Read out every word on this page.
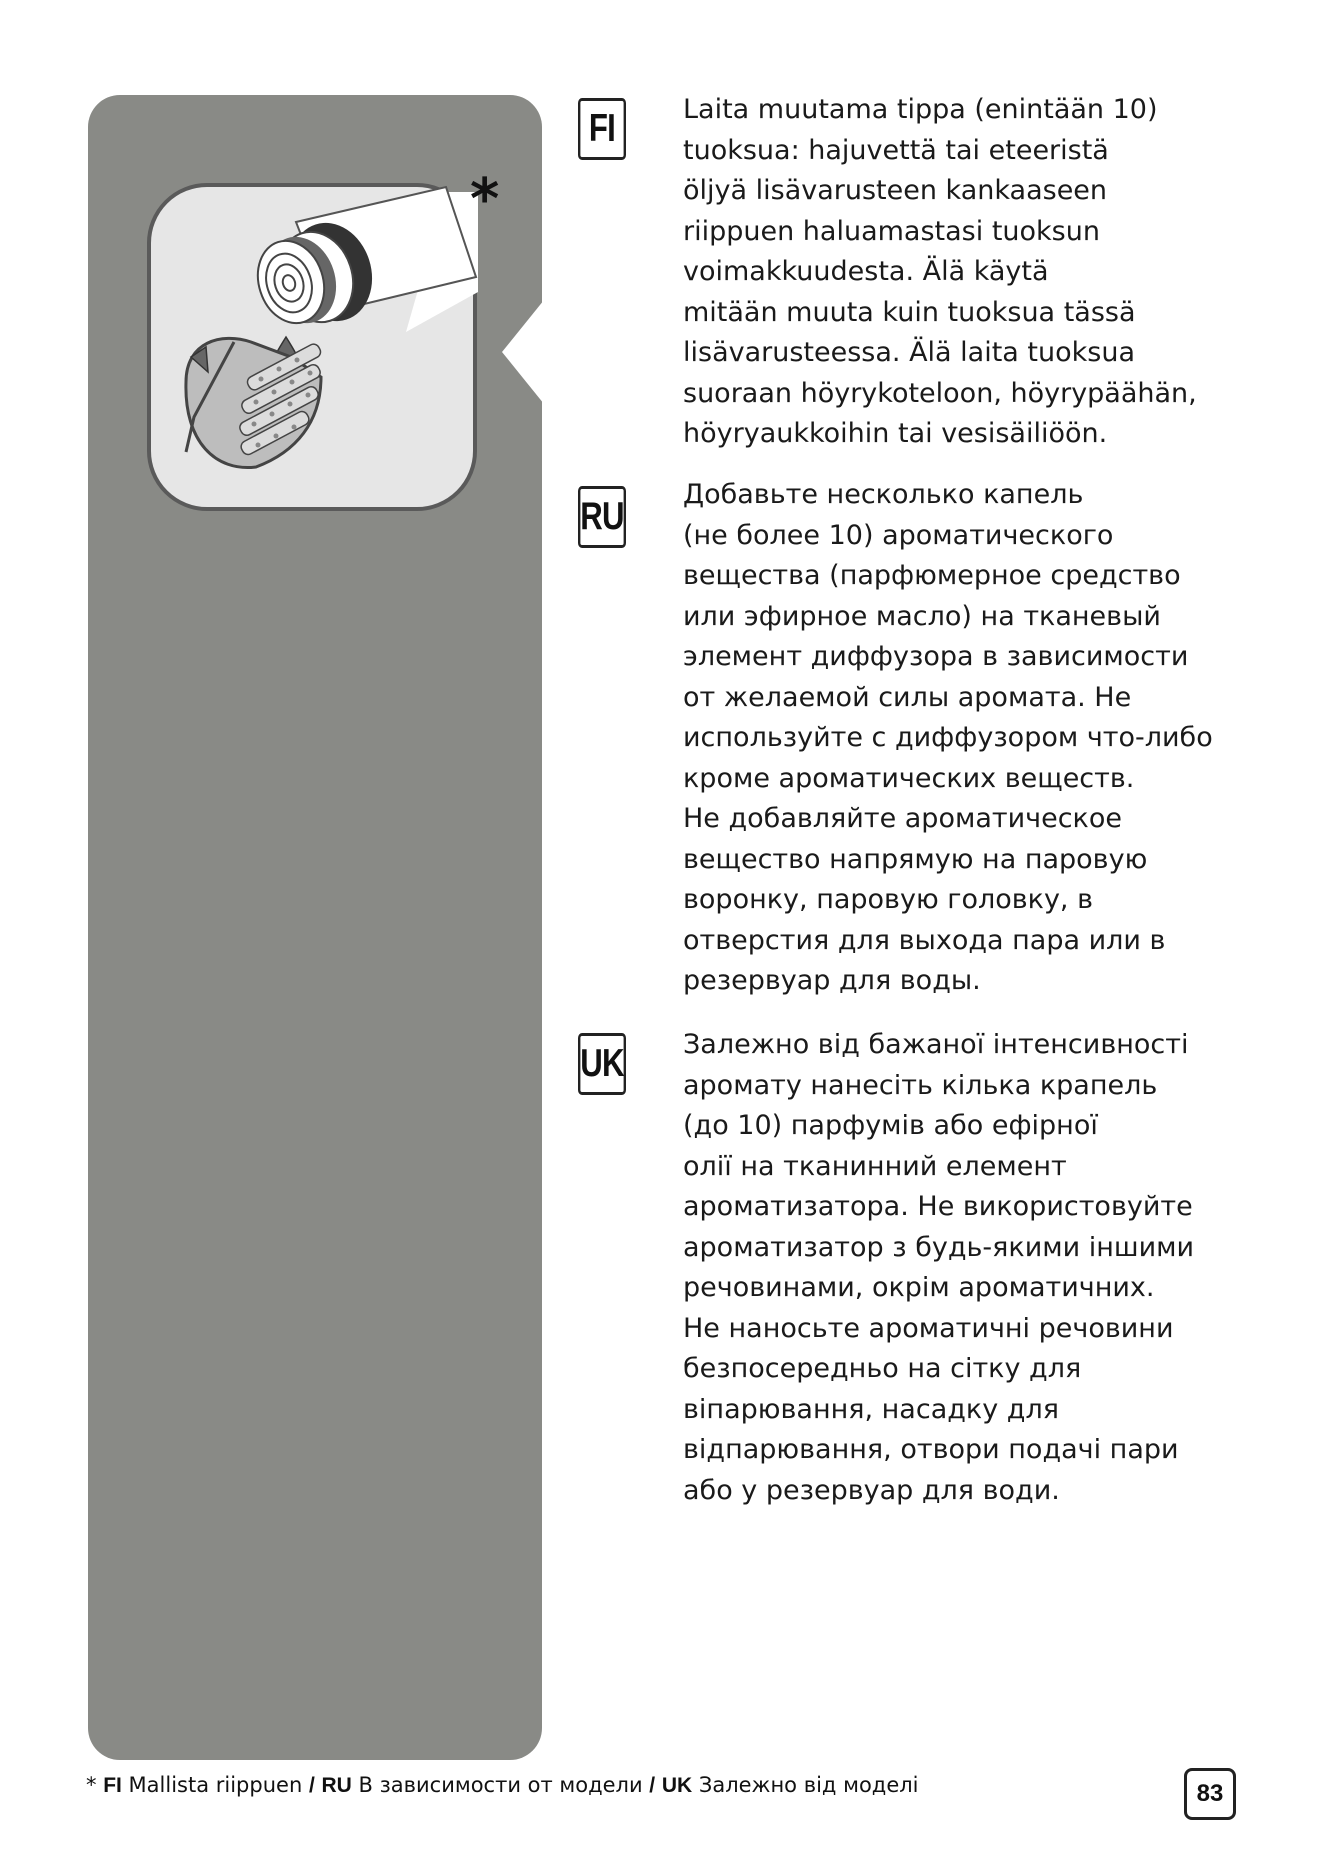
*
FI	Laita muutama tippa (enintään 10)
tuoksua: hajuvettä tai eteeristä
öljyä lisävarusteen kankaaseen
riippuen haluamastasi tuoksun
voimakkuudesta. Älä käytä
mitään muuta kuin tuoksua tässä
lisävarusteessa. Älä laita tuoksua
suoraan höyrykoteloon, höyrypäähän,
höyryaukkoihin tai vesisäiliöön.
RU
Добавьте несколько капель
(не более 10) ароматического
вещества (парфюмерное средство
или эфирное масло) на тканевый
элемент диффузора в зависимости
от желаемой силы аромата. Не
используйте с диффузором что-либо
кроме ароматических веществ.
Не добавляйте ароматическое
вещество напрямую на паровую
воронку, паровую головку, в
отверстия для выхода пара или в
резервуар для воды.
UK Залежно від бажаної інтенсивності
аромату нанесіть кілька крапель
(до 10) парфумів або ефірної
олії на тканинний елемент
ароматизатора. Не використовуйте
ароматизатор з будь-якими іншими
речовинами, окрім ароматичних.
Не наносьте ароматичні речовини
безпосередньо на сітку для
віпарювання, насадку для
відпарювання, отвори подачі пари
або у резервуар для води.
* FI Mallista riippuen / RU В зависимости от модели / UK Залежно від моделі	83
